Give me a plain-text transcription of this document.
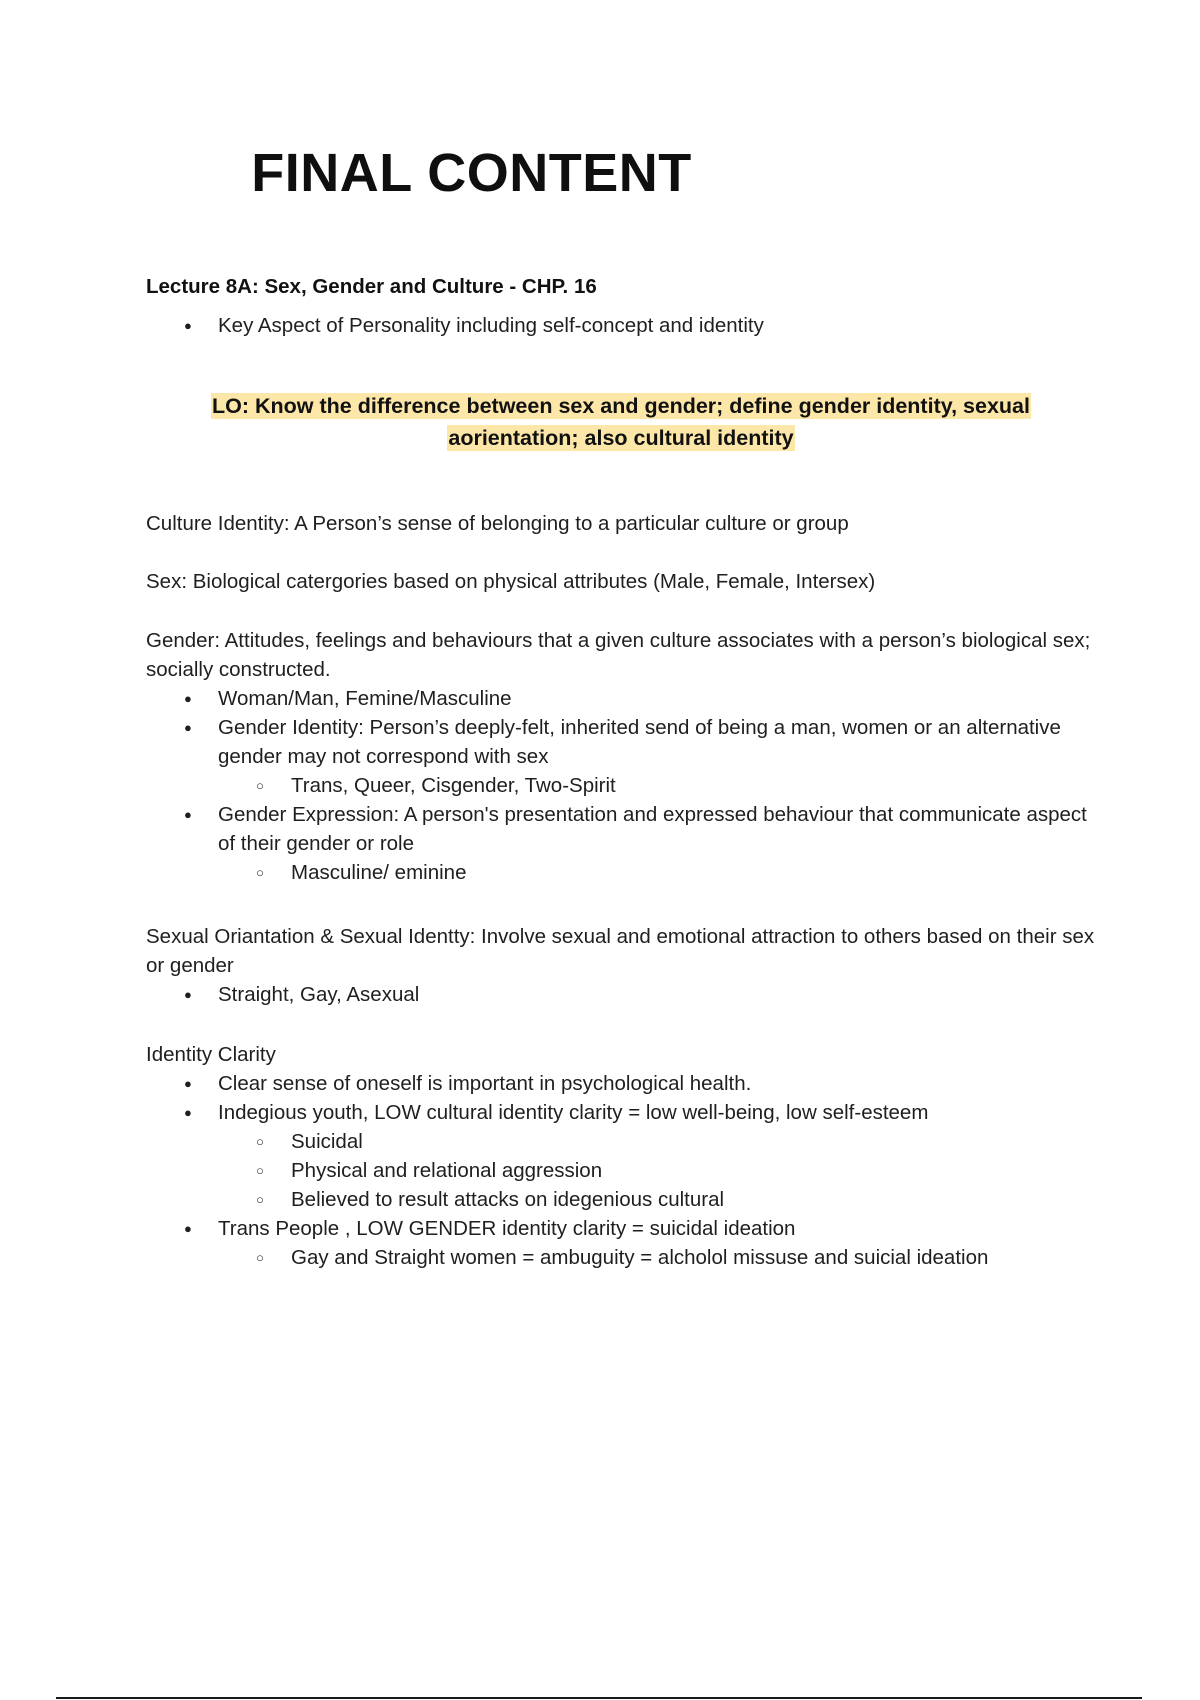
FINAL CONTENT

Lecture 8A: Sex, Gender and Culture - CHP. 16

● Key Aspect of Personality including self-concept and identity
LO: Know the difference between sex and gender; define gender identity, sexual
aorientation; also cultural identity

Culture Identity: A Person’s sense of belonging to a particular culture or group

Sex: Biological catergories based on physical attributes (Male, Female, Intersex)

Gender: Attitudes, feelings and behaviours that a given culture associates with a person’s biological sex; socially constructed.

● Woman/Man, Femine/Masculine
● Gender Identity: Person’s deeply-felt, inherited send of being a man, women or an alternative gender may not correspond with sex
○ Trans, Queer, Cisgender, Two-Spirit
● Gender Expression: A person's presentation and expressed behaviour that communicate aspect of their gender or role
○ Masculine/ eminine

Sexual Oriantation & Sexual Identty: Involve sexual and emotional attraction to others based on their sex or gender

● Straight, Gay, Asexual

Identity Clarity

● Clear sense of oneself is important in psychological health.
● Indegious youth, LOW cultural identity clarity = low well-being, low self-esteem
○ Suicidal
○ Physical and relational aggression
○ Believed to result attacks on idegenious cultural
● Trans People , LOW GENDER identity clarity = suicidal ideation
○ Gay and Straight women = ambuguity = alcholol missuse and suicial ideation
